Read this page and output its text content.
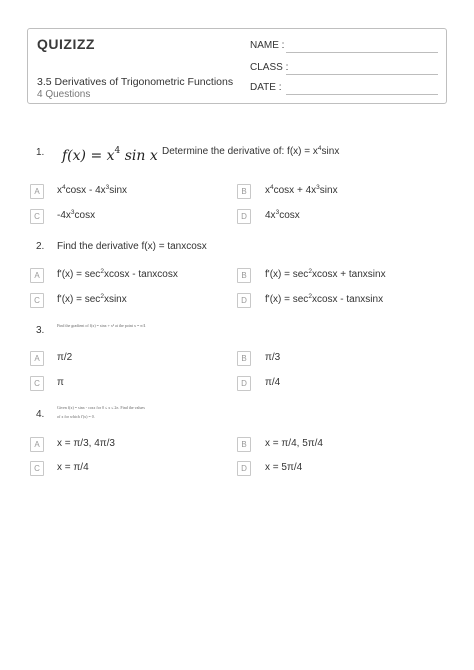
QUIZIZZ
3.5 Derivatives of Trigonometric Functions
4 Questions
NAME :
CLASS :
DATE :
1. $f(x) = x^4$ sin x Determine the derivative of: $f(x) = x^4\sin x$
A	$x^4\cos x - 4x^3\sin x$	B	$x^4\cos x + 4x^3\sin x$
C	$-4x^3\cos x$	D	$4x^3\cos x$
2. Find the derivative f(x) = tanxcosx
A	$f'(x) = \sec^2xcosx$ - tanxcosx	B	$f'(x) = \sec^2xcosx$ + tanxsinx
C	$f'(x) = \sec^2xsinx$	D	$f'(x) = \sec^2xcosx$ - tanxsinx
3.	Find the gradient of f(x) = sinx + x² at the point x = π/4
A	π/2	B	π/3
C	π	D	π/4
4.
Given f(x) = sinx - cosx for 0 ≤ x ≤ 2π. Find the values
of x for which f'(x) = 0.
A	x = π/3, 4π/3	B	x = π/4, 5π/4
C	x = π/4	D	x = 5π/4
